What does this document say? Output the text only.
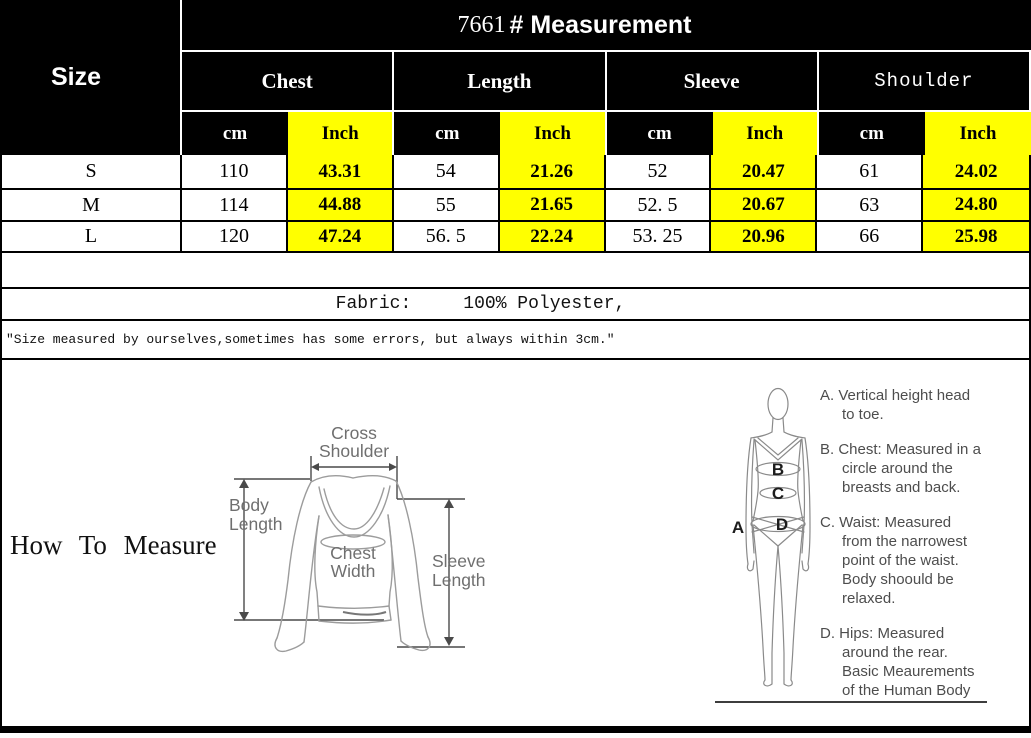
Size
7661 # Measurement
Chest	Length	Sleeve	Shoulder
cm	Inch	cm	Inch	cm	Inch	cm	Inch
S	110	43.31	54	21.26	52	20.47	61	24.02
M	114	44.88	55	21.65	52. 5	20.67	63	24.80
L	120	47.24	56. 5	22.24	53. 25	20.96	66	25.98
Fabric:	100% Polyester,
″Size measured by ourselves,sometimes has some errors, but always within 3cm.″
How To Measure
Cross
Shoulder
Body
Length
Chest
Width	Sleeve
Length
A
B
C
D
A. Vertical height head
to toe.
B. Chest: Measured in a
circle around the
breasts and back.
C. Waist: Measured
from the narrowest
point of the waist.
Body shoould be
relaxed.
D. Hips: Measured
around the rear.
Basic Meaurements
of the Human Body
